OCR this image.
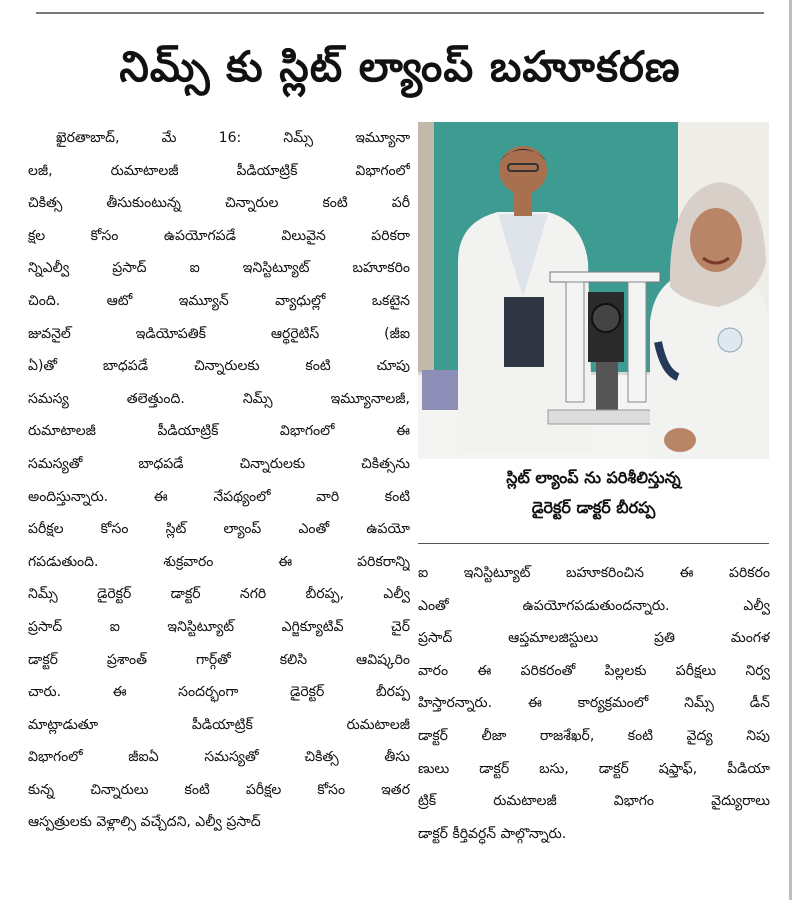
నిమ్స్ కు స్లిట్ ల్యాంప్ బహూకరణ
ఖైరతాబాద్, మే 16: నిమ్స్ ఇమ్యూనా
లజీ, రుమాటాలజీ పీడియాట్రిక్ విభాగంలో
చికిత్స తీసుకుంటున్న చిన్నారుల కంటి పరీ
క్షల కోసం ఉపయోగపడే విలువైన పరికరా
న్నిఎల్వీ ప్రసాద్ ఐ ఇనిస్టిట్యూట్ బహూకరిం
చింది. ఆటో ఇమ్యూన్ వ్యాధుల్లో ఒకటైన
జువనైల్ ఇడియోపతిక్ ఆర్థరైటిస్ (జీఐ
ఏ)తో బాధపడే చిన్నారులకు కంటి చూపు
సమస్య తలెత్తుంది. నిమ్స్ ఇమ్యూనాలజీ,
రుమాటాలజీ పీడియాట్రిక్ విభాగంలో ఈ
సమస్యతో బాధపడే చిన్నారులకు చికిత్సను
అందిస్తున్నారు. ఈ నేపథ్యంలో వారి కంటి
పరీక్షల కోసం స్లిట్ ల్యాంప్ ఎంతో ఉపయో
గపడుతుంది. శుక్రవారం ఈ పరికరాన్ని
నిమ్స్ డైరెక్టర్ డాక్టర్ నగరి బీరప్ప, ఎల్వీ
ప్రసాద్ ఐ ఇనిస్టిట్యూట్ ఎగ్జిక్యూటివ్ చైర్
డాక్టర్ ప్రశాంత్ గార్గ్‌తో కలిసి ఆవిష్కరిం
చారు. ఈ సందర్భంగా డైరెక్టర్ బీరప్ప
మాట్లాడుతూ పీడియాట్రిక్ రుమటాలజీ
విభాగంలో జీఐఏ సమస్యతో చికిత్స తీసు
కున్న చిన్నారులు కంటి పరీక్షల కోసం ఇతర
ఆస్పత్రులకు వెళ్లాల్సి వచ్చేదని, ఎల్వీ ప్రసాద్
స్లిట్ ల్యాంప్ ను పరిశీలిస్తున్న
డైరెక్టర్ డాక్టర్ బీరప్ప
ఐ ఇనిస్టిట్యూట్ బహూకరించిన ఈ పరికరం
ఎంతో ఉపయోగపడుతుందన్నారు. ఎల్వీ
ప్రసాద్ ఆప్తమాలజిస్టులు ప్రతి మంగళ
వారం ఈ పరికరంతో పిల్లలకు పరీక్షలు నిర్వ
హిస్తారన్నారు. ఈ కార్యక్రమంలో నిమ్స్ డీన్
డాక్టర్ లీజా రాజశేఖర్, కంటి వైద్య నిపు
ణులు డాక్టర్ బసు, డాక్టర్ షఫ్తాఫ్, పీడియా
ట్రిక్ రుమటాలజీ విభాగం వైద్యురాలు
డాక్టర్ కీర్తివర్ధన్ పాల్గొన్నారు.
